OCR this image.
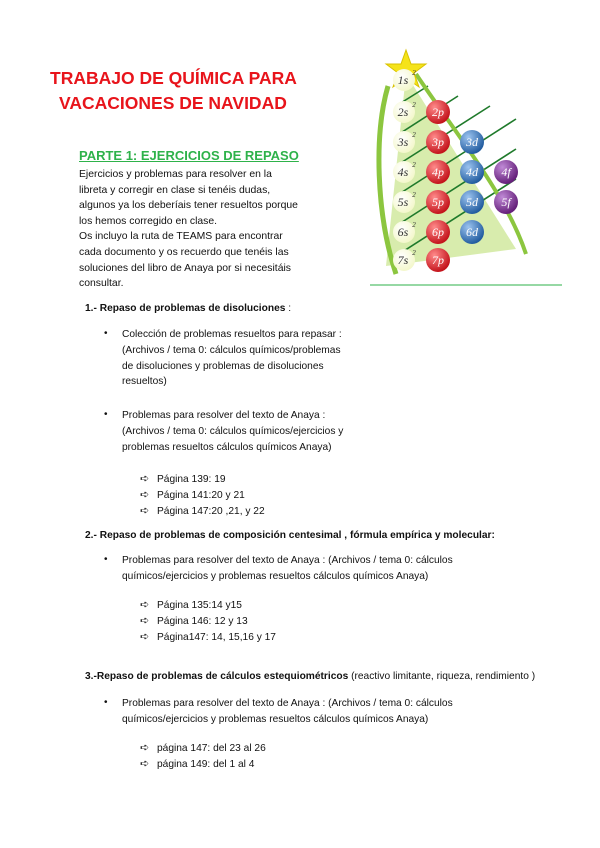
TRABAJO DE QUÍMICA PARA
VACACIONES DE NAVIDAD
PARTE 1: EJERCICIOS DE REPASO
Ejercicios y problemas para resolver en la
libreta y corregir en clase si tenéis dudas,
algunos ya los deberíais tener resueltos porque
los hemos corregido en clase.
Os incluyo la ruta de TEAMS para encontrar
cada documento y os recuerdo que tenéis las
soluciones del libro de Anaya por si necesitáis
consultar.
1s 2
2s 2 2p
3s 2 3p 3d
4s 2 4p 4d 4f
5s 2 5p 5d 5f
6s 2 6p 6d
7s 2 7p
1.- Repaso de problemas de disoluciones :
• Colección de problemas resueltos para repasar :
(Archivos / tema 0: cálculos químicos/problemas
de disoluciones y problemas de disoluciones
resueltos)
• Problemas para resolver del texto de Anaya :
(Archivos / tema 0: cálculos químicos/ejercicios y
problemas resueltos cálculos químicos Anaya)
➪ Página 139: 19
➪ Página 141:20 y 21
➪ Página 147:20 ,21, y 22
2.- Repaso de problemas de composición centesimal , fórmula empírica y molecular:
• Problemas para resolver del texto de Anaya : (Archivos / tema 0: cálculos
químicos/ejercicios y problemas resueltos cálculos químicos Anaya)
➪ Página 135:14 y15
➪ Página 146: 12 y 13
➪ Página147: 14, 15,16 y 17
3.-Repaso de problemas de cálculos estequiométricos (reactivo limitante, riqueza, rendimiento )
• Problemas para resolver del texto de Anaya : (Archivos / tema 0: cálculos
químicos/ejercicios y problemas resueltos cálculos químicos Anaya)
➪ página 147: del 23 al 26
➪ página 149: del 1 al 4
